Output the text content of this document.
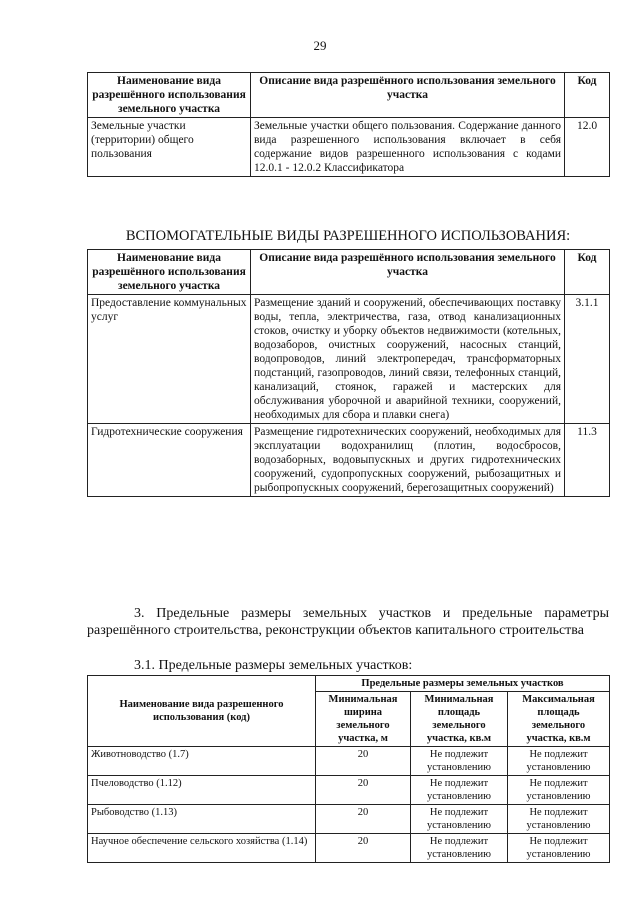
29
Наименование вида разрешённого использования земельного участка	Описание вида разрешённого использования земельного участка	Код
Земельные участки (территории) общего пользования	Земельные участки общего пользования. Содержание данного вида разрешенного использования включает в себя содержание видов разрешенного использования с кодами 12.0.1 - 12.0.2 Классификатора	12.0
ВСПОМОГАТЕЛЬНЫЕ ВИДЫ РАЗРЕШЕННОГО ИСПОЛЬЗОВАНИЯ:
Наименование вида разрешённого использования земельного участка	Описание вида разрешённого использования земельного участка	Код
Предоставление коммунальных услуг	Размещение зданий и сооружений, обеспечивающих поставку воды, тепла, электричества, газа, отвод канализационных стоков, очистку и уборку объектов недвижимости (котельных, водозаборов, очистных сооружений, насосных станций, водопроводов, линий электропередач, трансформаторных подстанций, газопроводов, линий связи, телефонных станций, канализаций, стоянок, гаражей и мастерских для обслуживания уборочной и аварийной техники, сооружений, необходимых для сбора и плавки снега)	3.1.1
Гидротехнические сооружения	Размещение гидротехнических сооружений, необходимых для эксплуатации водохранилищ (плотин, водосбросов, водозаборных, водовыпускных и других гидротехнических сооружений, судопропускных сооружений, рыбозащитных и рыбопропускных сооружений, берегозащитных сооружений)	11.3
3. Предельные размеры земельных участков и предельные параметры разрешённого строительства, реконструкции объектов капитального строительства
3.1. Предельные размеры земельных участков:
Наименование вида разрешенного использования (код)	Предельные размеры земельных участков		
	Минимальная ширина земельного участка, м	Минимальная площадь земельного участка, кв.м	Максимальная площадь земельного участка, кв.м
Животноводство (1.7)	20	Не подлежит установлению	Не подлежит установлению
Пчеловодство (1.12)	20	Не подлежит установлению	Не подлежит установлению
Рыбоводство (1.13)	20	Не подлежит установлению	Не подлежит установлению
Научное обеспечение сельского хозяйства (1.14)	20	Не подлежит установлению	Не подлежит установлению
